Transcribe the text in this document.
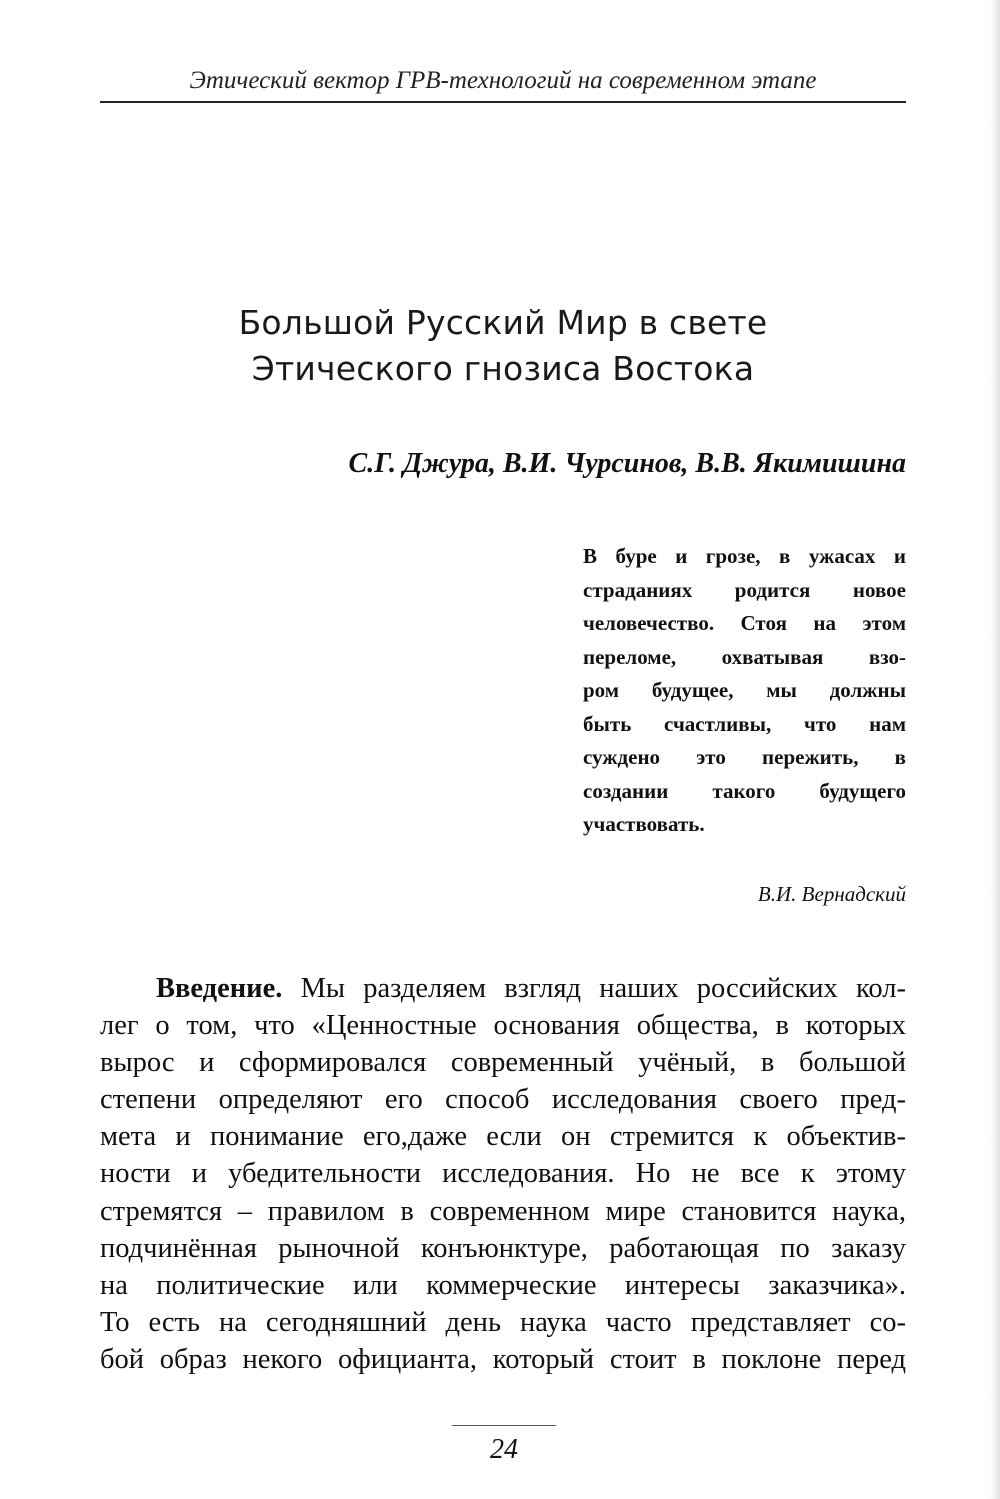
Этический вектор ГРВ-технологий на современном этапе
Большой Русский Мир в свете
Этического гнозиса Востока
С.Г. Джура, В.И. Чурсинов, В.В. Якимишина
В буре и грозе, в ужасах и
страданиях родится новое
человечество. Стоя на этом
переломе, охватывая взо-
ром будущее, мы должны
быть счастливы, что нам
суждено это пережить, в
создании такого будущего
участвовать.
В.И. Вернадский
Введение. Мы разделяем взгляд наших российских кол-
лег о том, что «Ценностные основания общества, в которых
вырос и сформировался современный учёный, в большой
степени определяют его способ исследования своего пред-
мета и понимание его,даже если он стремится к объектив-
ности и убедительности исследования. Но не все к этому
стремятся – правилом в современном мире становится наука,
подчинённая рыночной конъюнктуре, работающая по заказу
на политические или коммерческие интересы заказчика».
То есть на сегодняшний день наука часто представляет со-
бой образ некого официанта, который стоит в поклоне перед
24
